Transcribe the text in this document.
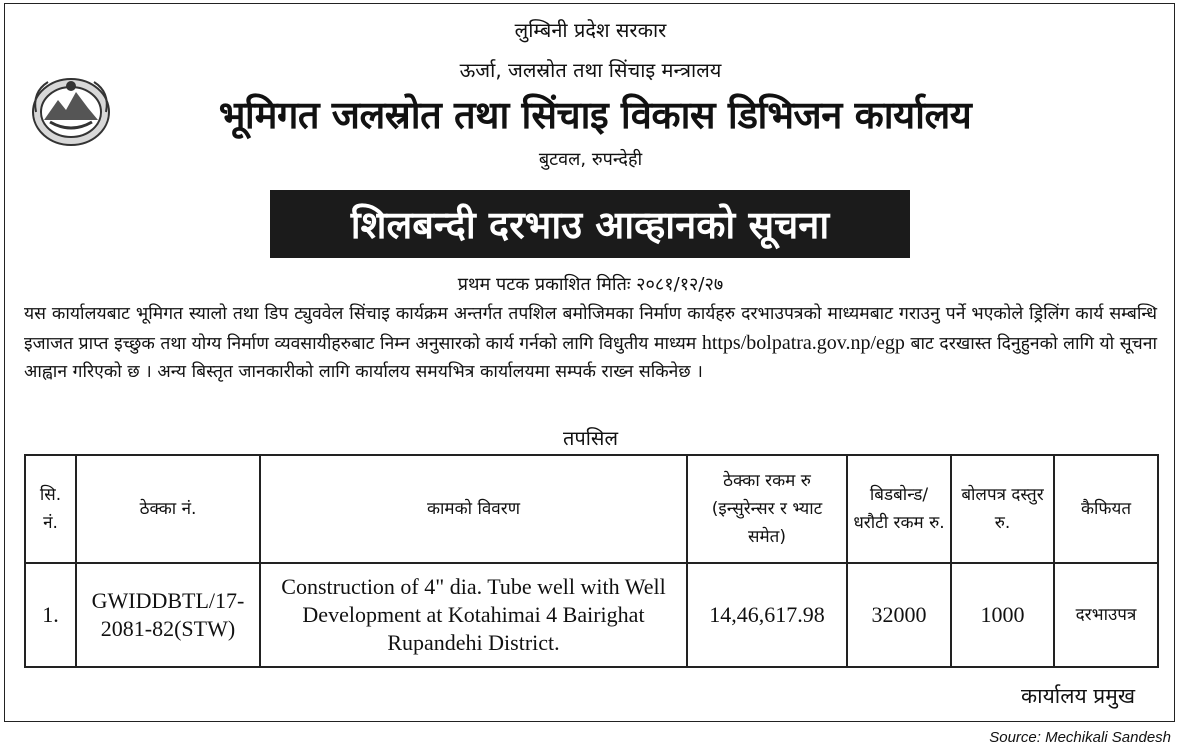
लुम्बिनी प्रदेश सरकार
ऊर्जा, जलस्रोत तथा सिंचाइ मन्त्रालय
भूमिगत जलस्रोत तथा सिंचाइ विकास डिभिजन कार्यालय
बुटवल, रुपन्देही
शिलबन्दी दरभाउ आव्हानको सूचना
प्रथम पटक प्रकाशित मितिः २०८१/१२/२७
यस कार्यालयबाट भूमिगत स्यालो तथा डिप ट्युववेल सिंचाइ कार्यक्रम अन्तर्गत तपशिल बमोजिमका निर्माण कार्यहरु दरभाउपत्रको माध्यमबाट गराउनु पर्ने भएकोले ड्रिलिंग कार्य सम्बन्धि इजाजत प्राप्त इच्छुक तथा योग्य निर्माण व्यवसायीहरुबाट निम्न अनुसारको कार्य गर्नको लागि विधुतीय माध्यम https/bolpatra.gov.np/egp बाट दरखास्त दिनुहुनको लागि यो सूचना आह्वान गरिएको छ । अन्य बिस्तृत जानकारीको लागि कार्यालय समयभित्र कार्यालयमा सम्पर्क राख्न सकिनेछ ।
तपसिल
सि. नं.	ठेक्का नं.	कामको विवरण	ठेक्का रकम रु (इन्सुरेन्सर र भ्याट समेत)	बिडबोन्ड/ धरौटी रकम रु.	बोलपत्र दस्तुर रु.	कैफियत
1.	GWIDDBTL/17-2081-82(STW)	Construction of 4" dia. Tube well with Well Development at Kotahimai 4 Bairighat Rupandehi District.	14,46,617.98	32000	1000	दरभाउपत्र
कार्यालय प्रमुख
Source: Mechikali Sandesh
